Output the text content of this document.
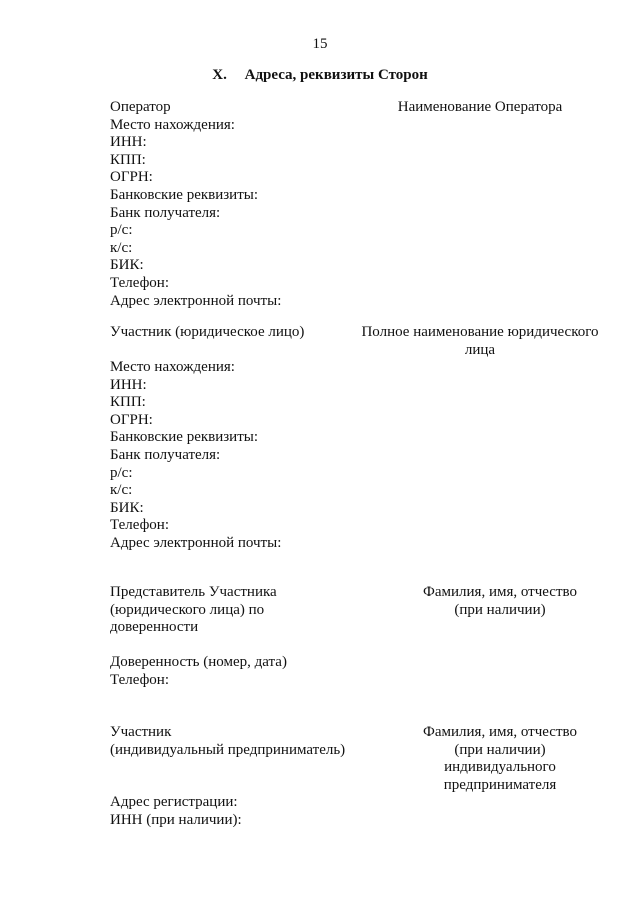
15
X. Адреса, реквизиты Сторон
Оператор
Место нахождения:
ИНН:
КПП:
ОГРН:
Банковские реквизиты:
Банк получателя:
р/с:
к/с:
БИК:
Телефон:
Адрес электронной почты:
Наименование Оператора
Участник (юридическое лицо)	Полное наименование юридического лица
Место нахождения:
ИНН:
КПП:
ОГРН:
Банковские реквизиты:
Банк получателя:
р/с:
к/с:
БИК:
Телефон:
Адрес электронной почты:
Представитель Участника
(юридического лица) по
доверенности
Фамилия, имя, отчество
(при наличии)
Доверенность (номер, дата)
Телефон:
Участник
(индивидуальный предприниматель)
Фамилия, имя, отчество
(при наличии)
индивидуального
предпринимателя
Адрес регистрации:
ИНН (при наличии):
